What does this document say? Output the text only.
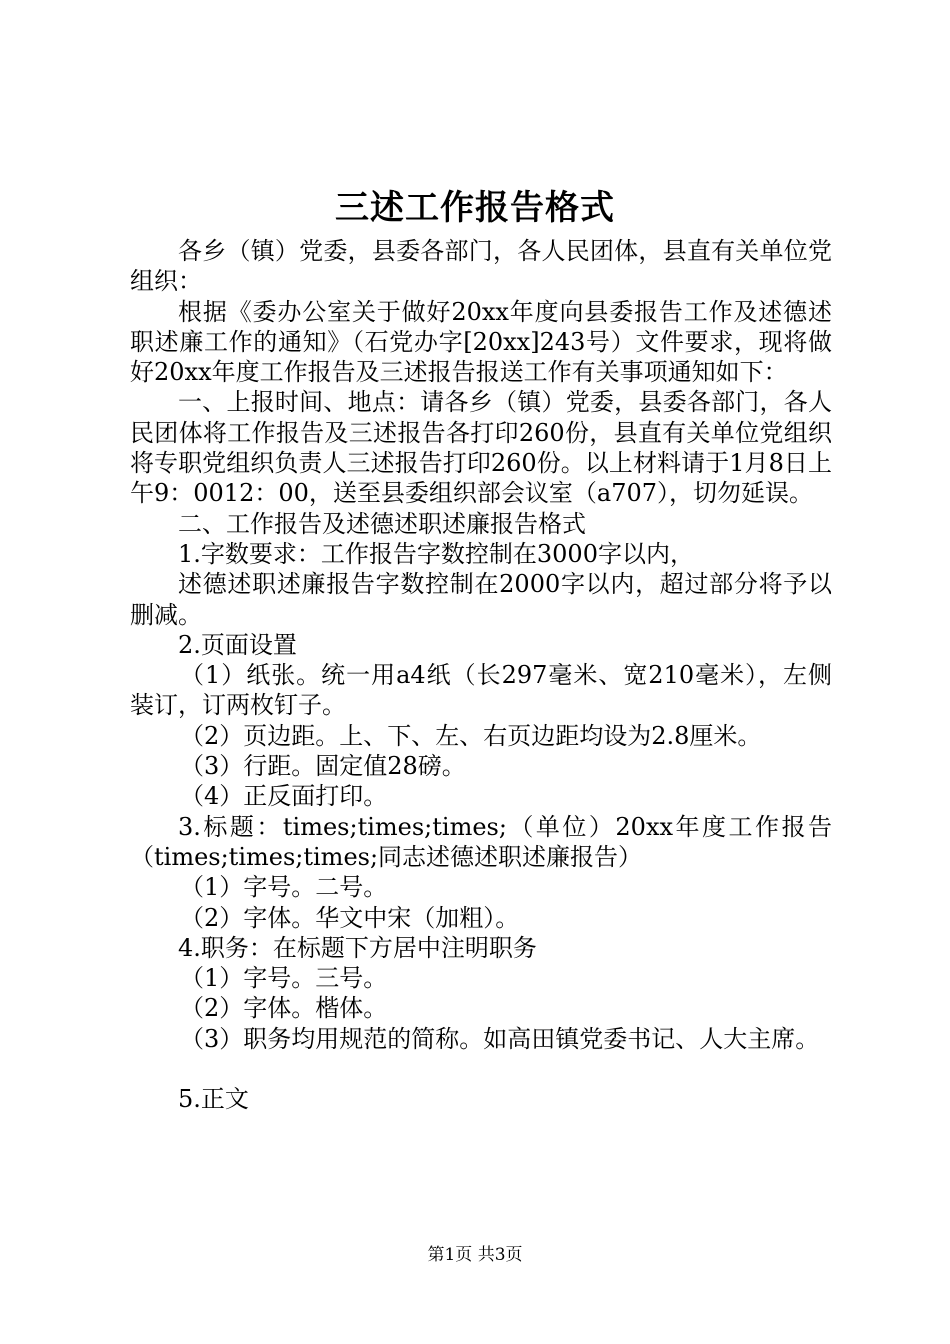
三述工作报告格式

各乡（镇）党委，县委各部门，各人民团体，县直有关单位党组织：

根据《委办公室关于做好20xx年度向县委报告工作及述德述职述廉工作的通知》（石党办字[20xx]243号）文件要求，现将做好20xx年度工作报告及三述报告报送工作有关事项通知如下：

一、上报时间、地点：请各乡（镇）党委，县委各部门，各人民团体将工作报告及三述报告各打印260份，县直有关单位党组织将专职党组织负责人三述报告打印260份。以上材料请于1月8日上午9：0012：00，送至县委组织部会议室（a707），切勿延误。

二、工作报告及述德述职述廉报告格式

1.字数要求：工作报告字数控制在3000字以内，

述德述职述廉报告字数控制在2000字以内，超过部分将予以删减。

2.页面设置

（1）纸张。统一用a4纸（长297毫米、宽210毫米），左侧装订，订两枚钉子。

（2）页边距。上、下、左、右页边距均设为2.8厘米。

（3）行距。固定值28磅。

（4）正反面打印。

3.标题：times;times;times;（单位）20xx年度工作报告（times;times;times;同志述德述职述廉报告）

（1）字号。二号。

（2）字体。华文中宋（加粗）。

4.职务：在标题下方居中注明职务

（1）字号。三号。

（2）字体。楷体。

（3）职务均用规范的简称。如高田镇党委书记、人大主席。

5.正文

第1页 共3页
